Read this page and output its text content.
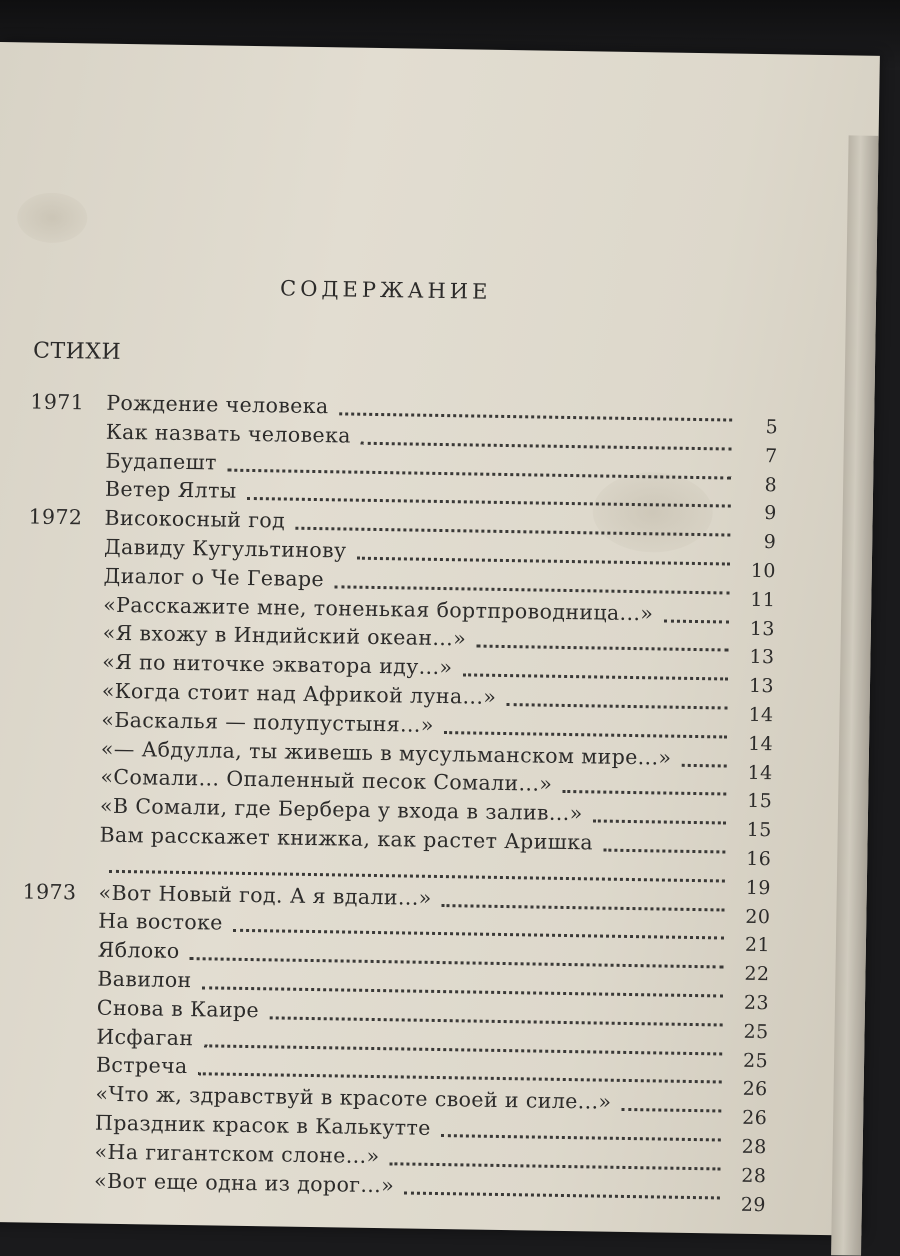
СОДЕРЖАНИЕ
СТИХИ
1971 Рождение человека
5
Как назвать человека
7
Будапешт
8
Ветер Ялты
9
1972 Високосный год
9
Давиду Кугультинову
10
Диалог о Че Геваре
11
«Расскажите мне, тоненькая бортпроводница...»
13
«Я вхожу в Индийский океан...»
13
«Я по ниточке экватора иду...»
13
«Когда стоит над Африкой луна...»
14
«Баскалья — полупустыня...»
14
«— Абдулла, ты живешь в мусульманском мире...»
14
«Сомали... Опаленный песок Сомали...»
15
«В Сомали, где Бербера у входа в залив...»
15
Вам расскажет книжка, как растет Аришка
16
19
1973 «Вот Новый год. А я вдали...»
20
На востоке
21
Яблоко
22
Вавилон
23
Снова в Каире
25
Исфаган
25
Встреча
26
«Что ж, здравствуй в красоте своей и силе...»
26
Праздник красок в Калькутте
28
«На гигантском слоне...»
28
«Вот еще одна из дорог...»
29
